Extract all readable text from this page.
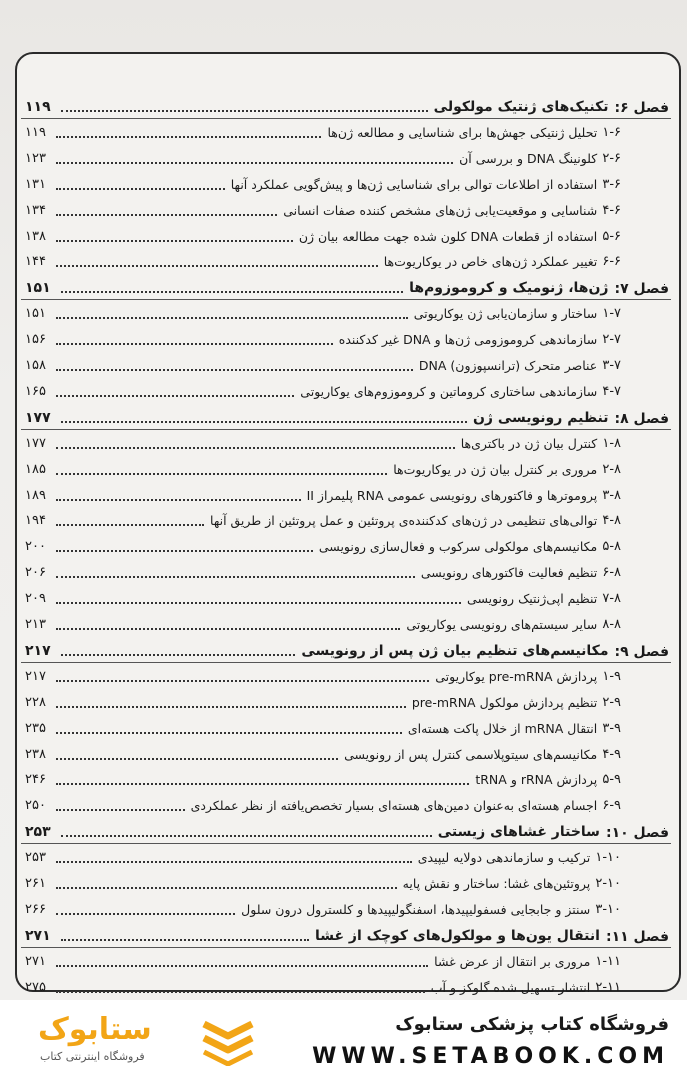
فصل ۶:
تکنیک‌های ژنتیک مولکولی
۱۱۹
۱-۶

تحلیل ژنتیکی جهش‌ها برای شناسایی و مطالعه ژن‌ها
۱۱۹
۲-۶

کلونینگ DNA و بررسی آن
۱۲۳
۳-۶

استفاده از اطلاعات توالی برای شناسایی ژن‌ها و پیش‌گویی عملکرد آنها
۱۳۱
۴-۶

شناسایی و موقعیت‌یابی ژن‌های مشخص کننده صفات انسانی
۱۳۴
۵-۶

استفاده از قطعات DNA کلون شده جهت مطالعه بیان ژن
۱۳۸
۶-۶

تغییر عملکرد ژن‌های خاص در یوکاریوت‌ها
۱۴۴
فصل ۷:
ژن‌ها، ژنومیک و کروموزوم‌ها
۱۵۱
۱-۷

ساختار و سازمان‌یابی ژن یوکاریوتی
۱۵۱
۲-۷

سازماندهی کروموزومی ژن‌ها و DNA غیر کدکننده
۱۵۶
۳-۷

عناصر متحرک (ترانسپوزون) DNA
۱۵۸
۴-۷

سازماندهی ساختاری کروماتین و کروموزوم‌های یوکاریوتی
۱۶۵
فصل ۸:
تنظیم رونویسی ژن
۱۷۷
۱-۸

کنترل بیان ژن در باکتری‌ها
۱۷۷
۲-۸

مروری بر کنترل بیان ژن در یوکاریوت‌ها
۱۸۵
۳-۸

پروموترها و فاکتورهای رونویسی عمومی RNA پلیمراز II
۱۸۹
۴-۸

توالی‌های تنظیمی در ژن‌های کدکننده‌ی پروتئین و عمل پروتئین از طریق آنها
۱۹۴
۵-۸

مکانیسم‌های مولکولی سرکوب و فعال‌سازی رونویسی
۲۰۰
۶-۸

تنظیم فعالیت فاکتورهای رونویسی
۲۰۶
۷-۸

تنظیم اپی‌ژنتیک رونویسی
۲۰۹
۸-۸

سایر سیستم‌های رونویسی یوکاریوتی
۲۱۳
فصل ۹:
مکانیسم‌های تنظیم بیان ژن پس از رونویسی
۲۱۷
۱-۹

پردازش pre-mRNA یوکاریوتی
۲۱۷
۲-۹

تنظیم پردازش مولکول pre-mRNA
۲۲۸
۳-۹

انتقال mRNA از خلال پاکت هسته‌ای
۲۳۵
۴-۹

مکانیسم‌های سیتوپلاسمی کنترل پس از رونویسی
۲۳۸
۵-۹

پردازش rRNA و tRNA
۲۴۶
۶-۹

اجسام هسته‌ای به‌عنوان دمین‌های هسته‌ای بسیار تخصص‌یافته از نظر عملکردی
۲۵۰
فصل ۱۰:
ساختار غشاهای زیستی
۲۵۳
۱-۱۰

ترکیب و سازماندهی دولایه لیپیدی
۲۵۳
۲-۱۰

پروتئین‌های غشا: ساختار و نقش پایه
۲۶۱
۳-۱۰

سنتز و جابجایی فسفولیپیدها، اسفنگولیپیدها و کلسترول درون سلول
۲۶۶
فصل ۱۱:
انتقال یون‌ها و مولکول‌های کوچک از غشا
۲۷۱
۱-۱۱

مروری بر انتقال از عرض غشا
۲۷۱
۲-۱۱

انتشار تسهیل شده گلوکز و آب
۲۷۵
ستابوک
فروشگاه اینترنتی کتاب
فروشگاه کتاب پزشکی ستابوک
WWW.SETABOOK.COM
